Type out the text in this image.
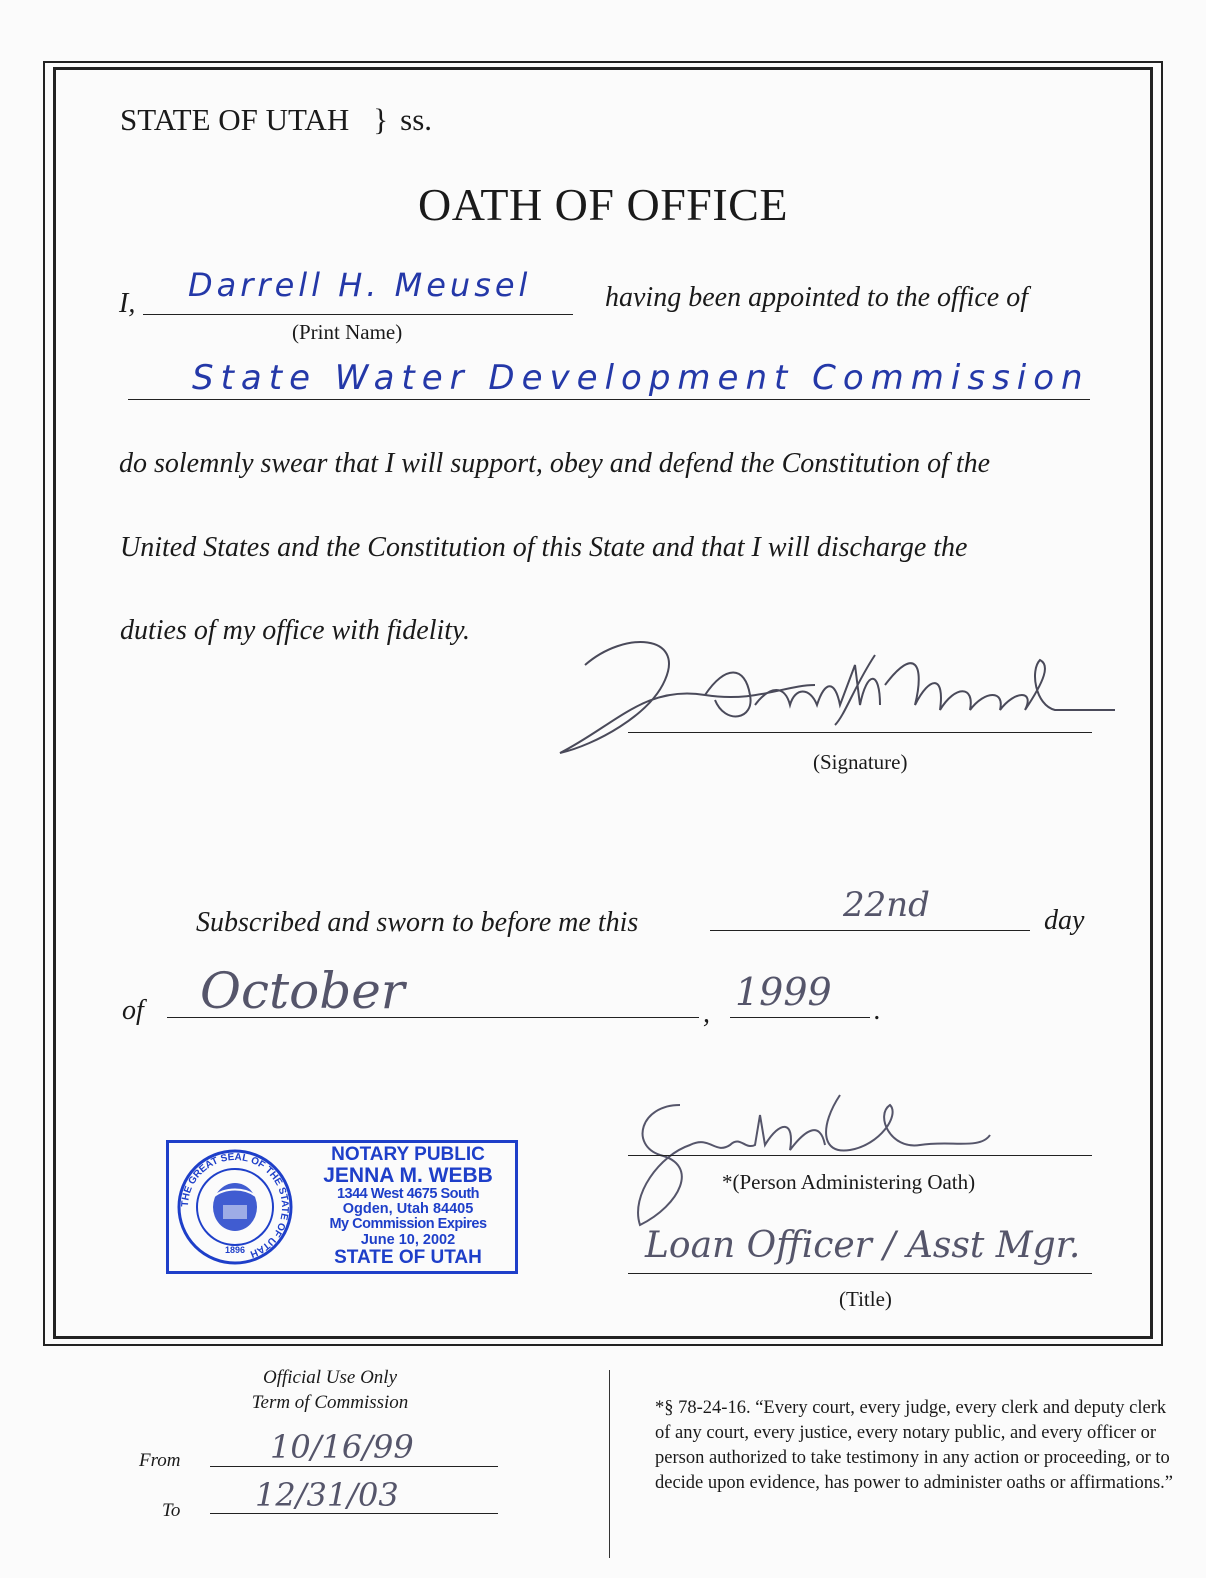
STATE OF UTAH } ss.
OATH OF OFFICE
I, Darrell H. Meusel
(Print Name)
having been appointed to the office of
State Water Development Commission
do solemnly swear that I will support, obey and defend the Constitution of the
United States and the Constitution of this State and that I will discharge the
duties of my office with fidelity.
(Signature)
Subscribed and sworn to before me this	22nd	day
of October	, 1999 .
THE GREAT SEAL OF THE STATE OF UTAH
1896
NOTARY PUBLIC
JENNA M. WEBB
1344 West 4675 South
Ogden, Utah 84405
My Commission Expires
June 10, 2002
STATE OF UTAH
*(Person Administering Oath)
Loan Officer / Asst Mgr.
(Title)
Official Use Only
Term of Commission
From	10/16/99
To 12/31/03
*§ 78-24-16. “Every court, every judge, every clerk and deputy clerk of any court, every justice, every notary public, and every officer or person authorized to take testimony in any action or proceeding, or to decide upon evidence, has power to administer oaths or affirmations.”
